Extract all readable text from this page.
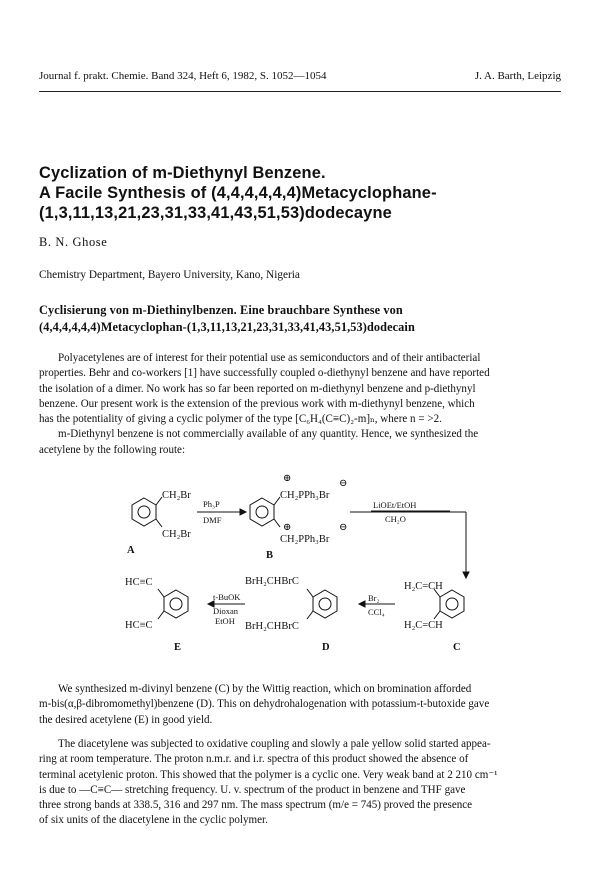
Journal f. prakt. Chemie. Band 324, Heft 6, 1982, S. 1052—1054	J. A. Barth, Leipzig
Cyclization of m-Diethynyl Benzene.
A Facile Synthesis of (4,4,4,4,4,4)Metacyclophane-
(1,3,11,13,21,23,31,33,41,43,51,53)dodecayne
B. N. Ghose
Chemistry Department, Bayero University, Kano, Nigeria
Cyclisierung von m-Diethinylbenzen. Eine brauchbare Synthese von
(4,4,4,4,4,4)Metacyclophan-(1,3,11,13,21,23,31,33,41,43,51,53)dodecain
Polyacetylenes are of interest for their potential use as semiconductors and of their antibacterial
properties. Behr and co-workers [1] have successfully coupled o-diethynyl benzene and have reported
the isolation of a dimer. No work has so far been reported on m-diethynyl benzene and p-diethynyl
benzene. Our present work is the extension of the previous work with m-diethynyl benzene, which
has the potentiality of giving a cyclic polymer of the type [C₆H₄(C≡C)₂-m]ₙ, where n = >2.
m-Diethynyl benzene is not commercially available of any quantity. Hence, we synthesized the
acetylene by the following route:
CH₂Br
CH₂Br
A
Ph₃P
DMF
⊕	⊖
CH₂PPh₃Br
⊕	⊖
CH₂PPh₃Br
B
LiOEt/EtOH
CH₂O
H₂C=CH
H₂C=CH
C
Br₂
CCl₄
BrH₂CHBrC
BrH₂CHBrC
D
t-BuOK
Dioxan
EtOH
HC≡C
HC≡C
E
We synthesized m-divinyl benzene (C) by the Wittig reaction, which on bromination afforded
m-bis(α,β-dibromomethyl)benzene (D). This on dehydrohalogenation with potassium-t-butoxide gave
the desired acetylene (E) in good yield.
The diacetylene was subjected to oxidative coupling and slowly a pale yellow solid started appea-
ring at room temperature. The proton n.m.r. and i.r. spectra of this product showed the absence of
terminal acetylenic proton. This showed that the polymer is a cyclic one. Very weak band at 2 210 cm⁻¹
is due to —C≡C— stretching frequency. U. v. spectrum of the product in benzene and THF gave
three strong bands at 338.5, 316 and 297 nm. The mass spectrum (m/e = 745) proved the presence
of six units of the diacetylene in the cyclic polymer.
